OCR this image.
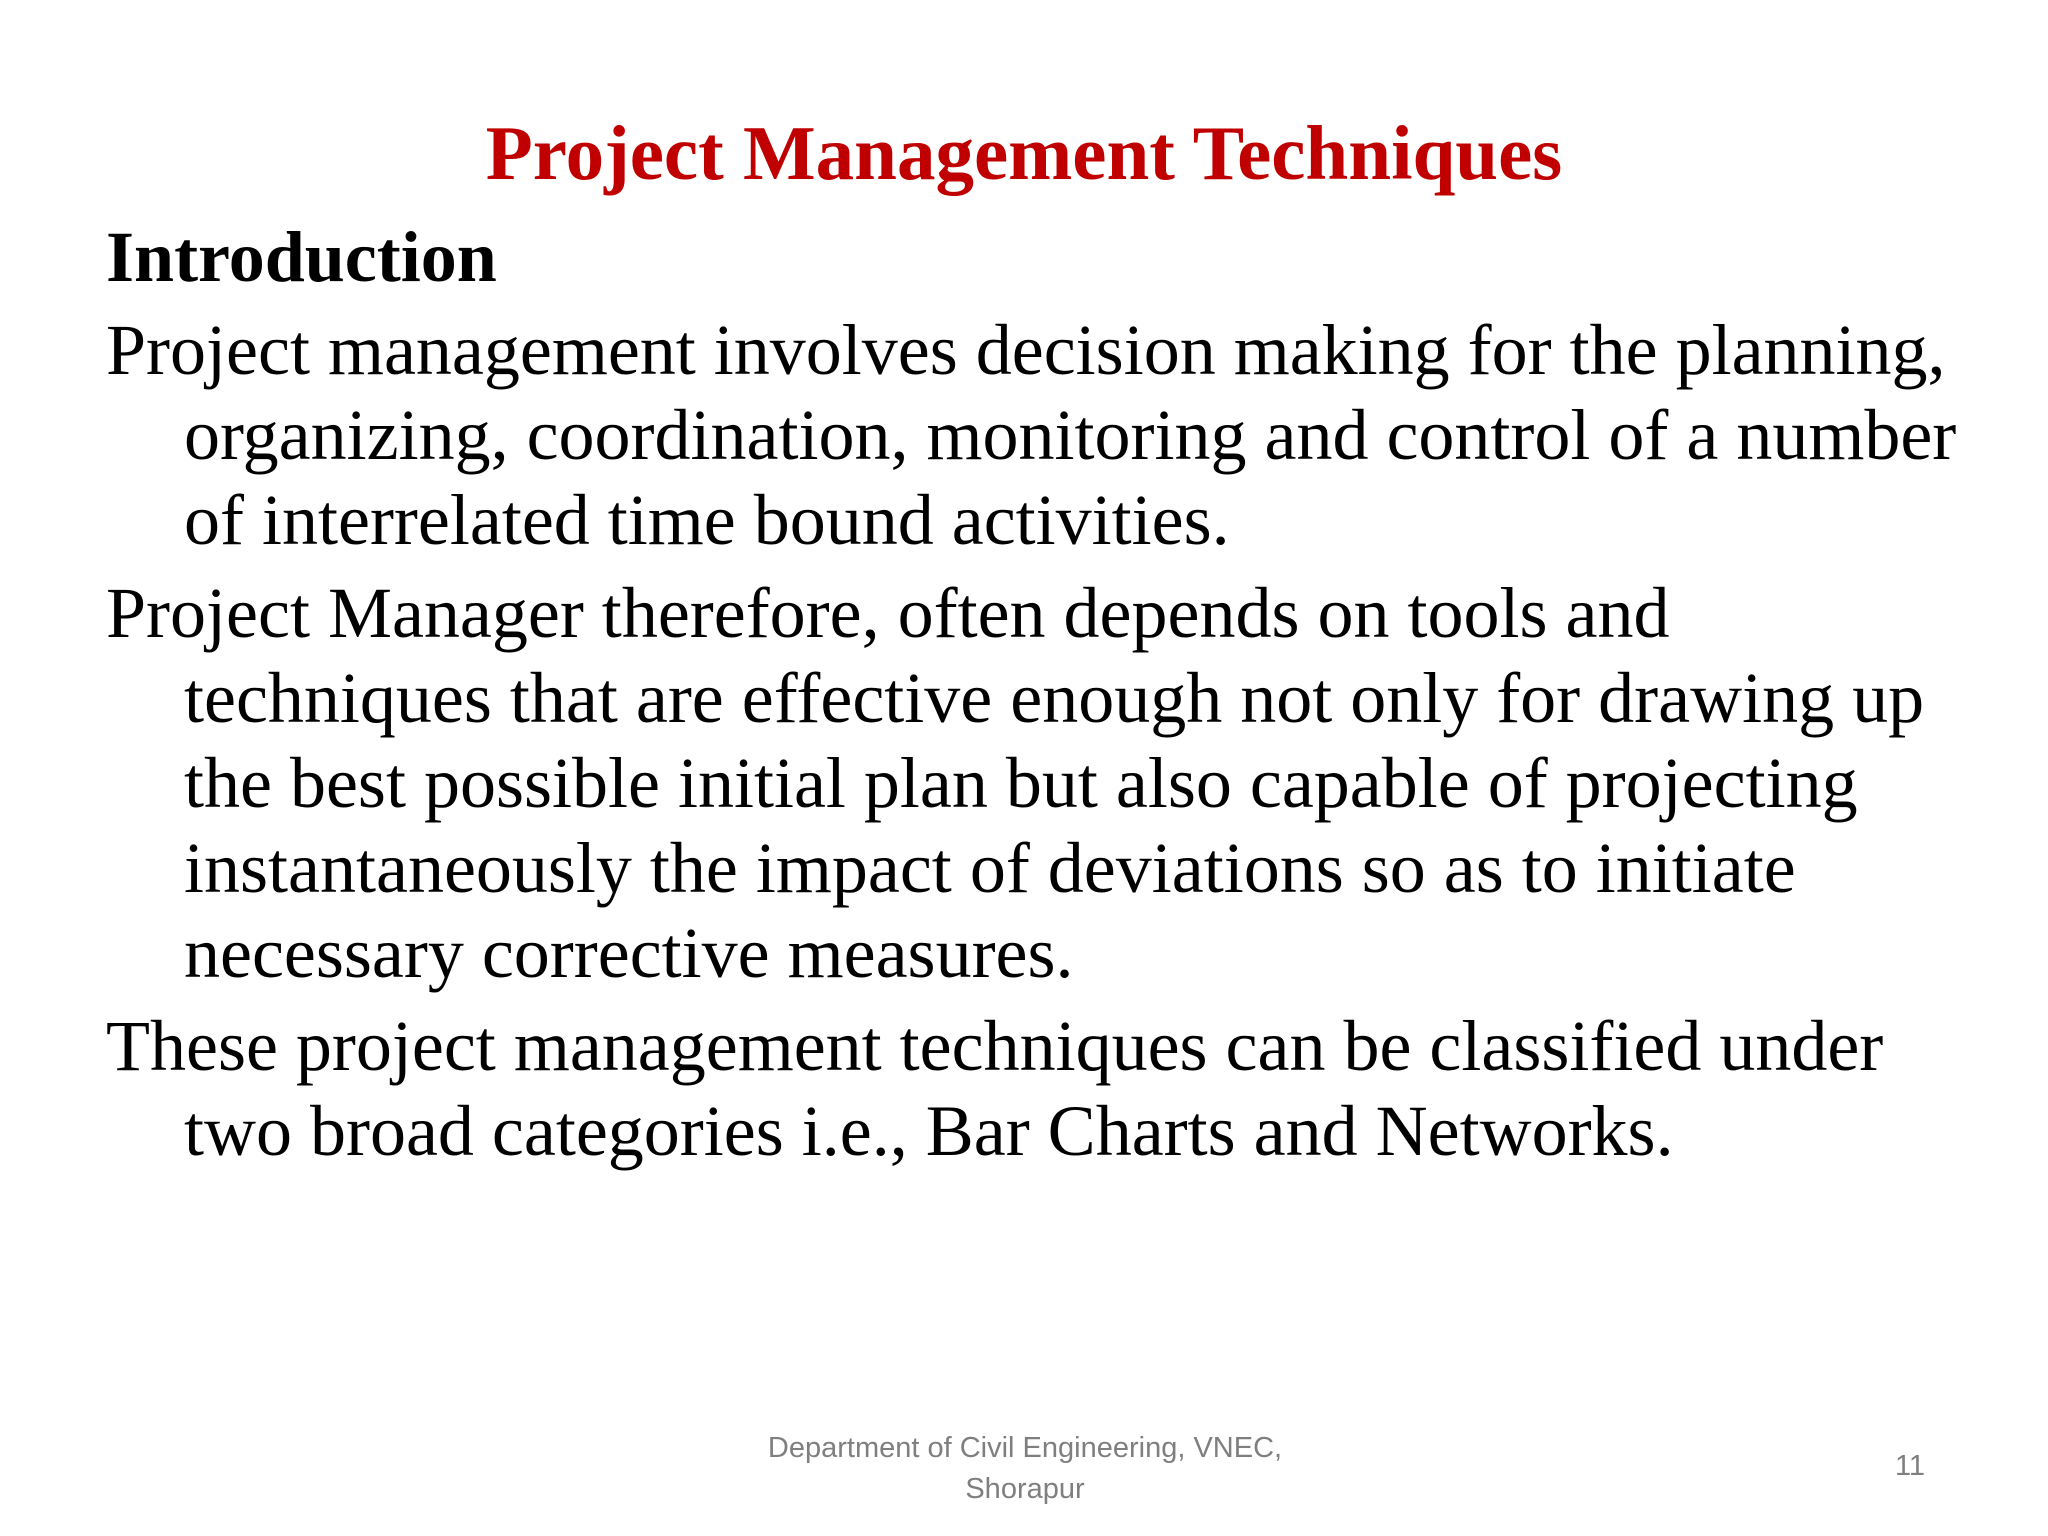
Project Management Techniques
Introduction

Project management involves decision making for the planning, organizing, coordination, monitoring and control of a number of interrelated time bound activities.

Project Manager therefore, often depends on tools and techniques that are effective enough not only for drawing up the best possible initial plan but also capable of projecting instantaneously the impact of deviations so as to initiate necessary corrective measures.

These project management techniques can be classified under two broad categories i.e., Bar Charts and Networks.

Department of Civil Engineering, VNEC,
Shorapur
11
